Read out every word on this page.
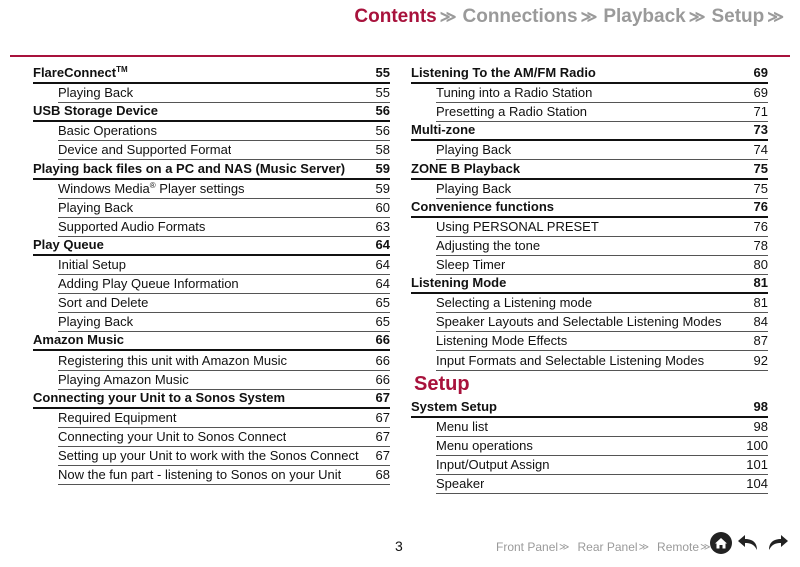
Contents ≫ Connections ≫ Playback ≫ Setup ≫
FlareConnect™	55
Playing Back	55
USB Storage Device	56
Basic Operations	56
Device and Supported Format	58
Playing back files on a PC and NAS (Music Server)	59
Windows Media® Player settings	59
Playing Back	60
Supported Audio Formats	63
Play Queue	64
Initial Setup	64
Adding Play Queue Information	64
Sort and Delete	65
Playing Back	65
Amazon Music	66
Registering this unit with Amazon Music	66
Playing Amazon Music	66
Connecting your Unit to a Sonos System	67
Required Equipment	67
Connecting your Unit to Sonos Connect	67
Setting up your Unit to work with the Sonos Connect	67
Now the fun part - listening to Sonos on your Unit	68
Listening To the AM/FM Radio	69
Tuning into a Radio Station	69
Presetting a Radio Station	71
Multi-zone	73
Playing Back	74
ZONE B Playback	75
Playing Back	75
Convenience functions	76
Using PERSONAL PRESET	76
Adjusting the tone	78
Sleep Timer	80
Listening Mode	81
Selecting a Listening mode	81
Speaker Layouts and Selectable Listening Modes	84
Listening Mode Effects	87
Input Formats and Selectable Listening Modes	92
Setup
System Setup	98
Menu list	98
Menu operations	100
Input/Output Assign	101
Speaker	104
3	Front Panel ≫ Rear Panel ≫ Remote ≫
